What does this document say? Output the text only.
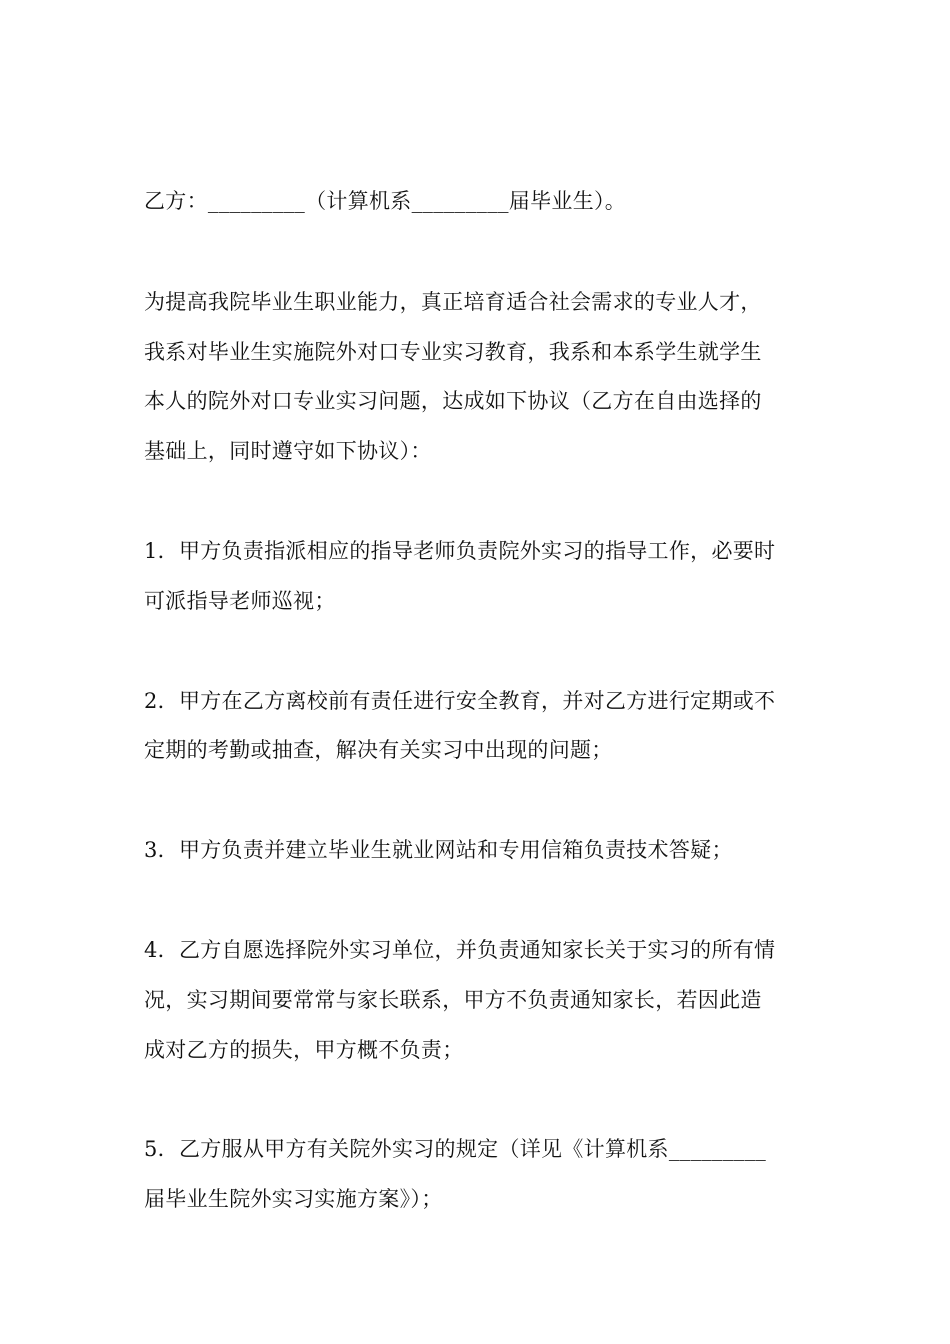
乙方：_________（计算机系_________届毕业生）。
为提高我院毕业生职业能力，真正培育适合社会需求的专业人才，
我系对毕业生实施院外对口专业实习教育，我系和本系学生就学生
本人的院外对口专业实习问题，达成如下协议（乙方在自由选择的
基础上，同时遵守如下协议）：
1．甲方负责指派相应的指导老师负责院外实习的指导工作，必要时
可派指导老师巡视；
2．甲方在乙方离校前有责任进行安全教育，并对乙方进行定期或不
定期的考勤或抽查，解决有关实习中出现的问题；
3．甲方负责并建立毕业生就业网站和专用信箱负责技术答疑；
4．乙方自愿选择院外实习单位，并负责通知家长关于实习的所有情
况，实习期间要常常与家长联系，甲方不负责通知家长，若因此造
成对乙方的损失，甲方概不负责；
5．乙方服从甲方有关院外实习的规定（详见《计算机系_________
届毕业生院外实习实施方案》）；
